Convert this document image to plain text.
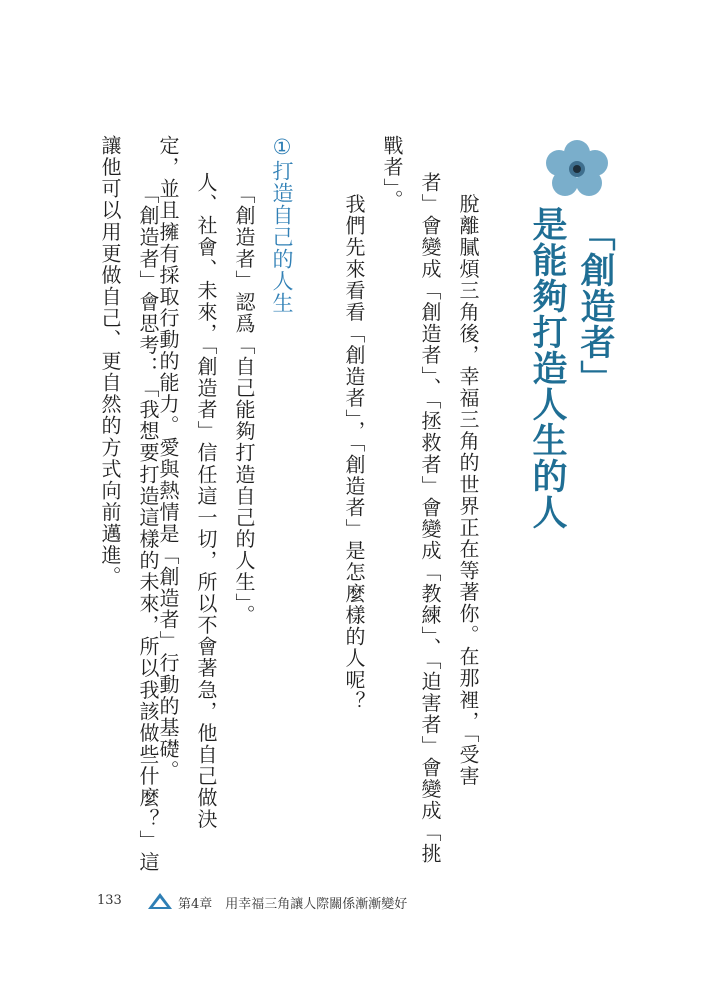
「創造者」
是能夠打造人生的人
　脫離膩煩三角後，幸福三角的世界正在等著你。在那裡，「受害
者」會變成「創造者」、「拯救者」會變成「教練」、「迫害者」會變成「挑
戰者」。
　我們先來看看「創造者」，「創造者」是怎麼樣的人呢？
①打造自己的人生
　「創造者」認爲「自己能夠打造自己的人生」。
人、社會、未來，「創造者」信任這一切，所以不會著急，他自己做決
定，並且擁有採取行動的能力。愛與熱情是「創造者」行動的基礎。
　「創造者」會思考：「我想要打造這樣的未來，所以我該做些什麼？」這
讓他可以用更做自己、更自然的方式向前邁進。
133	第4章　用幸福三角讓人際關係漸漸變好
